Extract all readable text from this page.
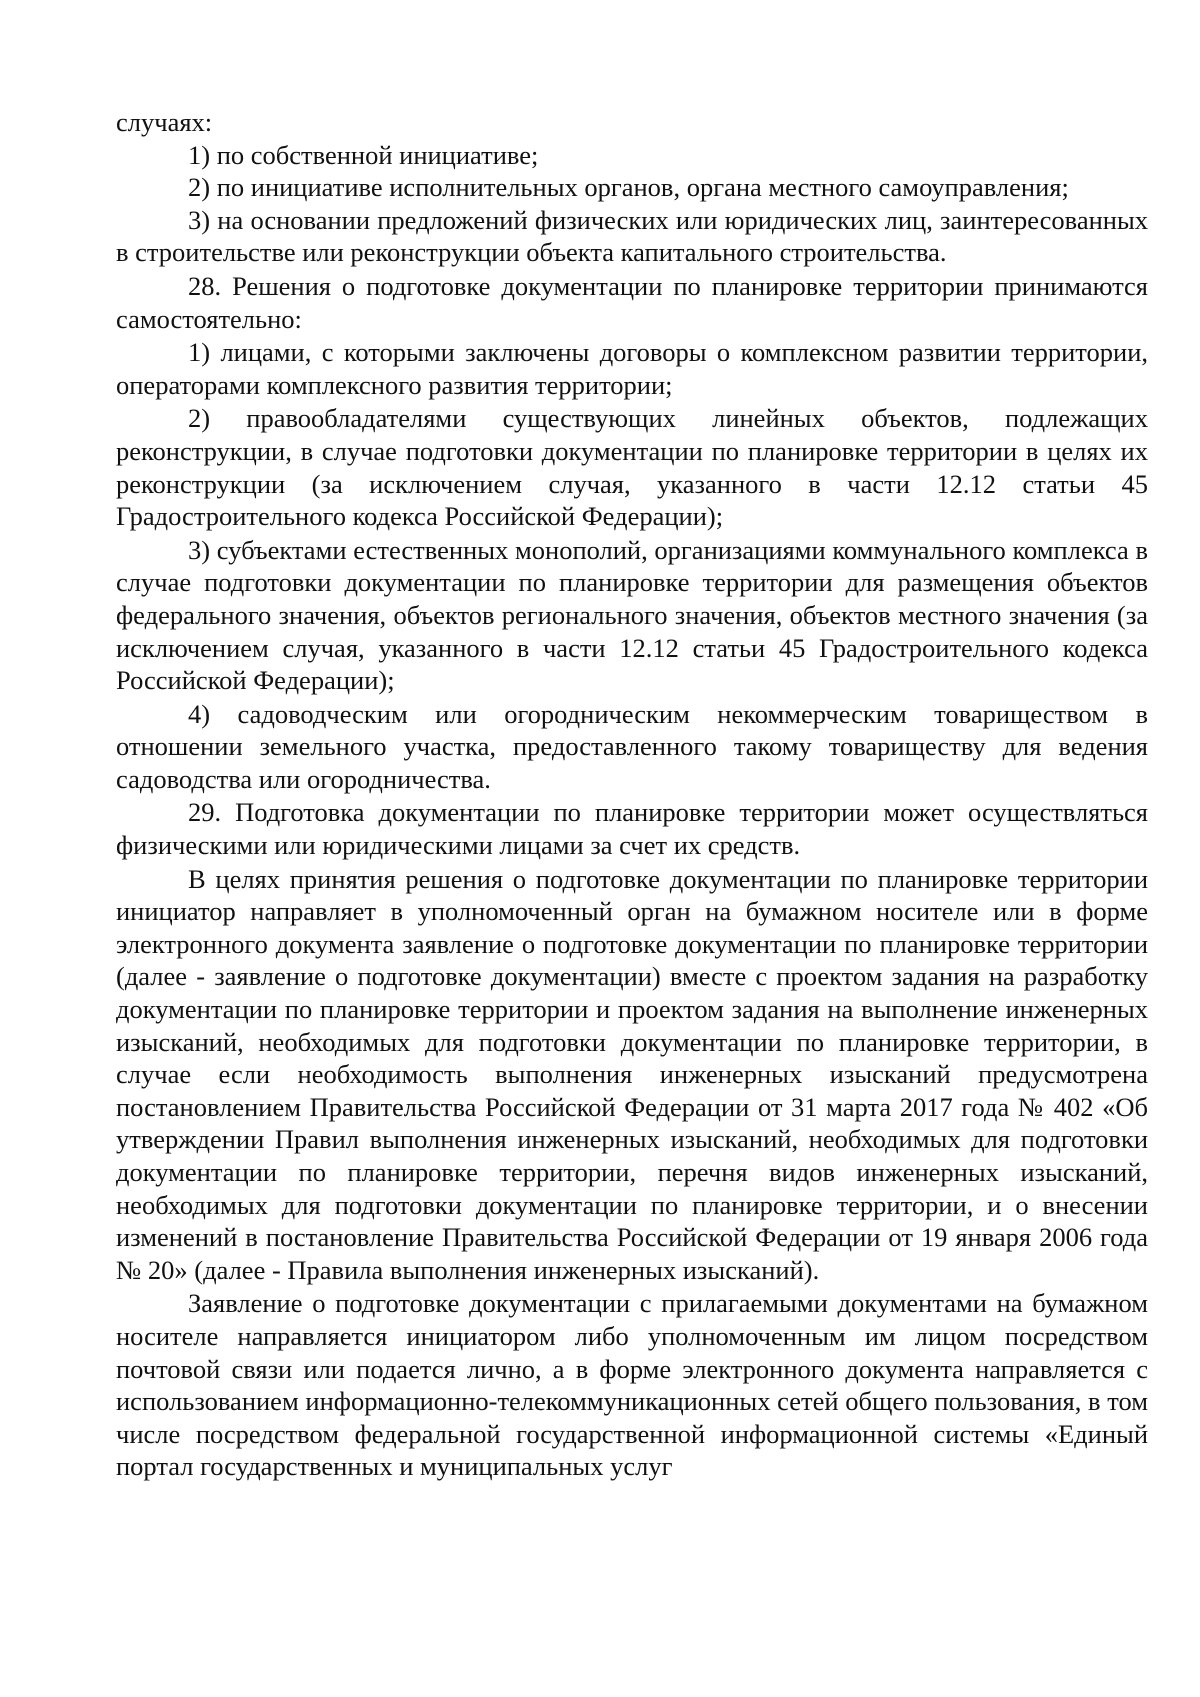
случаях:

1) по собственной инициативе;

2) по инициативе исполнительных органов, органа местного самоуправления;

3) на основании предложений физических или юридических лиц, заинтересованных в строительстве или реконструкции объекта капитального строительства.

28. Решения о подготовке документации по планировке территории принимаются самостоятельно:

1) лицами, с которыми заключены договоры о комплексном развитии территории, операторами комплексного развития территории;

2) правообладателями существующих линейных объектов, подлежащих реконструкции, в случае подготовки документации по планировке территории в целях их реконструкции (за исключением случая, указанного в части 12.12 статьи 45 Градостроительного кодекса Российской Федерации);

3) субъектами естественных монополий, организациями коммунального комплекса в случае подготовки документации по планировке территории для размещения объектов федерального значения, объектов регионального значения, объектов местного значения (за исключением случая, указанного в части 12.12 статьи 45 Градостроительного кодекса Российской Федерации);

4) садоводческим или огородническим некоммерческим товариществом в отношении земельного участка, предоставленного такому товариществу для ведения садоводства или огородничества.

29. Подготовка документации по планировке территории может осуществляться физическими или юридическими лицами за счет их средств.

В целях принятия решения о подготовке документации по планировке территории инициатор направляет в уполномоченный орган на бумажном носителе или в форме электронного документа заявление о подготовке документации по планировке территории (далее - заявление о подготовке документации) вместе с проектом задания на разработку документации по планировке территории и проектом задания на выполнение инженерных изысканий, необходимых для подготовки документации по планировке территории, в случае если необходимость выполнения инженерных изысканий предусмотрена постановлением Правительства Российской Федерации от 31 марта 2017 года № 402 «Об утверждении Правил выполнения инженерных изысканий, необходимых для подготовки документации по планировке территории, перечня видов инженерных изысканий, необходимых для подготовки документации по планировке территории, и о внесении изменений в постановление Правительства Российской Федерации от 19 января 2006 года № 20» (далее - Правила выполнения инженерных изысканий).

Заявление о подготовке документации с прилагаемыми документами на бумажном носителе направляется инициатором либо уполномоченным им лицом посредством почтовой связи или подается лично, а в форме электронного документа направляется с использованием информационно-телекоммуникационных сетей общего пользования, в том числе посредством федеральной государственной информационной системы «Единый портал государственных и муниципальных услуг
